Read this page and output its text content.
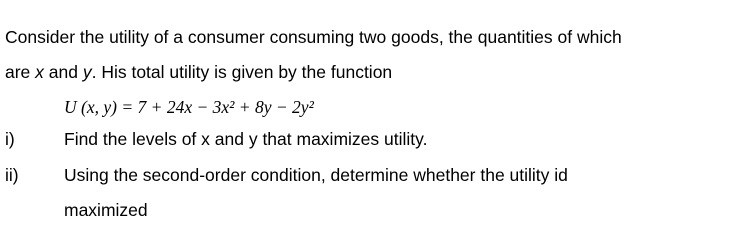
Consider the utility of a consumer consuming two goods, the quantities of which
are x and y. His total utility is given by the function
U (x, y) = 7 + 24x − 3x² + 8y − 2y²
i)	Find the levels of x and y that maximizes utility.
ii)	Using the second-order condition, determine whether the utility id
maximized
